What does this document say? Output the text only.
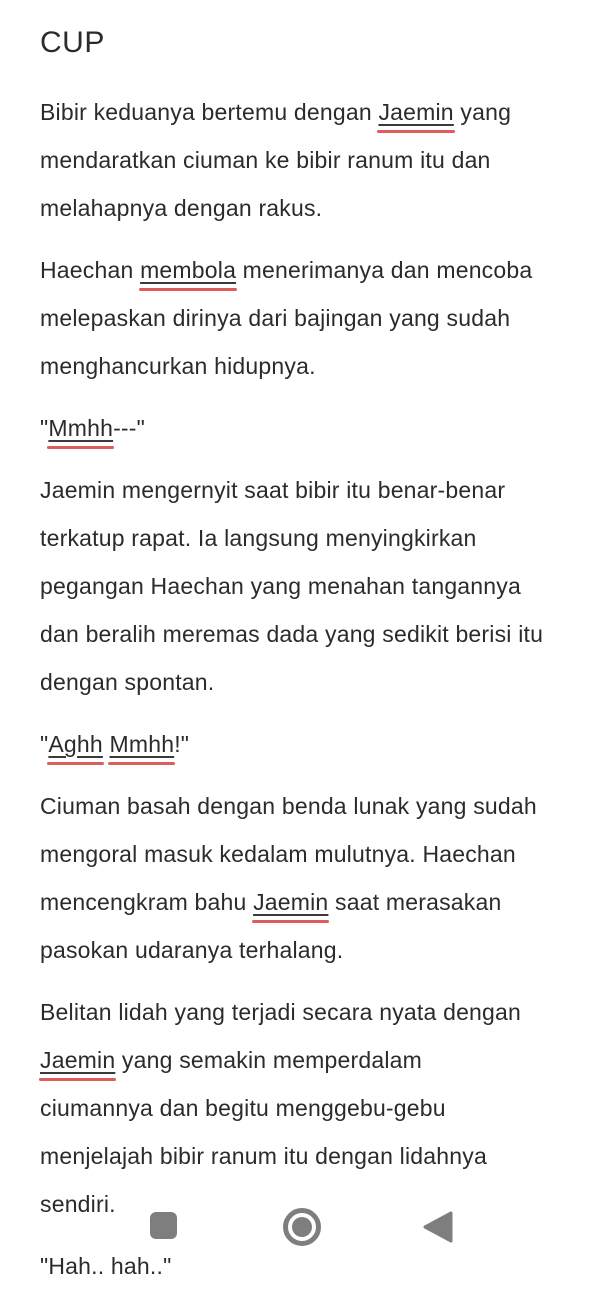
CUP
Bibir keduanya bertemu dengan Jaemin yang
mendaratkan ciuman ke bibir ranum itu dan
melahapnya dengan rakus.
Haechan membola menerimanya dan mencoba
melepaskan dirinya dari bajingan yang sudah
menghancurkan hidupnya.
"Mmhh---"
Jaemin mengernyit saat bibir itu benar-benar
terkatup rapat. Ia langsung menyingkirkan
pegangan Haechan yang menahan tangannya
dan beralih meremas dada yang sedikit berisi itu
dengan spontan.
"Aghh Mmhh!"
Ciuman basah dengan benda lunak yang sudah
mengoral masuk kedalam mulutnya. Haechan
mencengkram bahu Jaemin saat merasakan
pasokan udaranya terhalang.
Belitan lidah yang terjadi secara nyata dengan
Jaemin yang semakin memperdalam
ciumannya dan begitu menggebu-gebu
menjelajah bibir ranum itu dengan lidahnya
sendiri.
"Hah.. hah.."
